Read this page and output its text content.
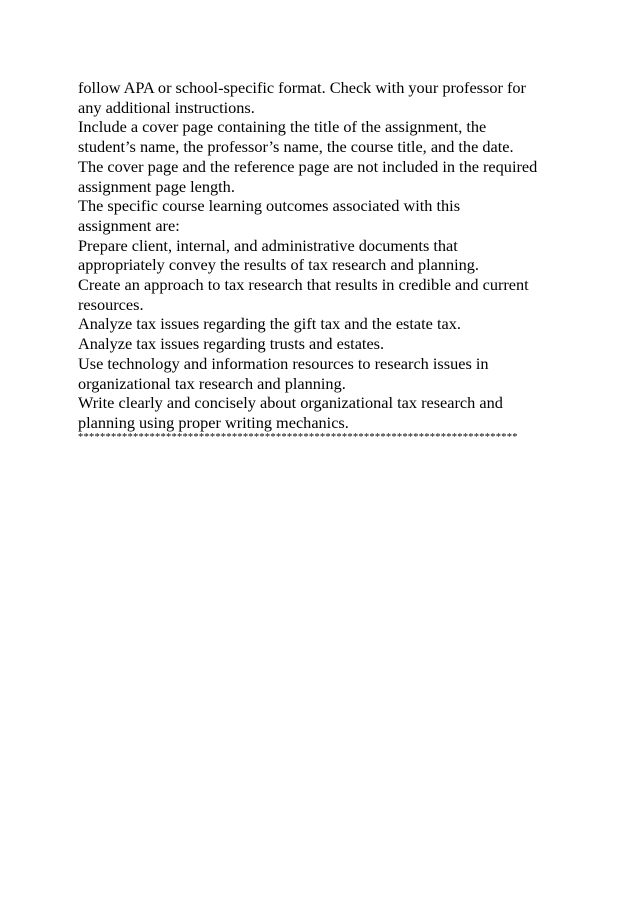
follow APA or school-specific format. Check with your professor for
any additional instructions.
Include a cover page containing the title of the assignment, the
student’s name, the professor’s name, the course title, and the date.
The cover page and the reference page are not included in the required
assignment page length.
The specific course learning outcomes associated with this
assignment are:
Prepare client, internal, and administrative documents that
appropriately convey the results of tax research and planning.
Create an approach to tax research that results in credible and current
resources.
Analyze tax issues regarding the gift tax and the estate tax.
Analyze tax issues regarding trusts and estates.
Use technology and information resources to research issues in
organizational tax research and planning.
Write clearly and concisely about organizational tax research and
planning using proper writing mechanics.
********************************************************************************
